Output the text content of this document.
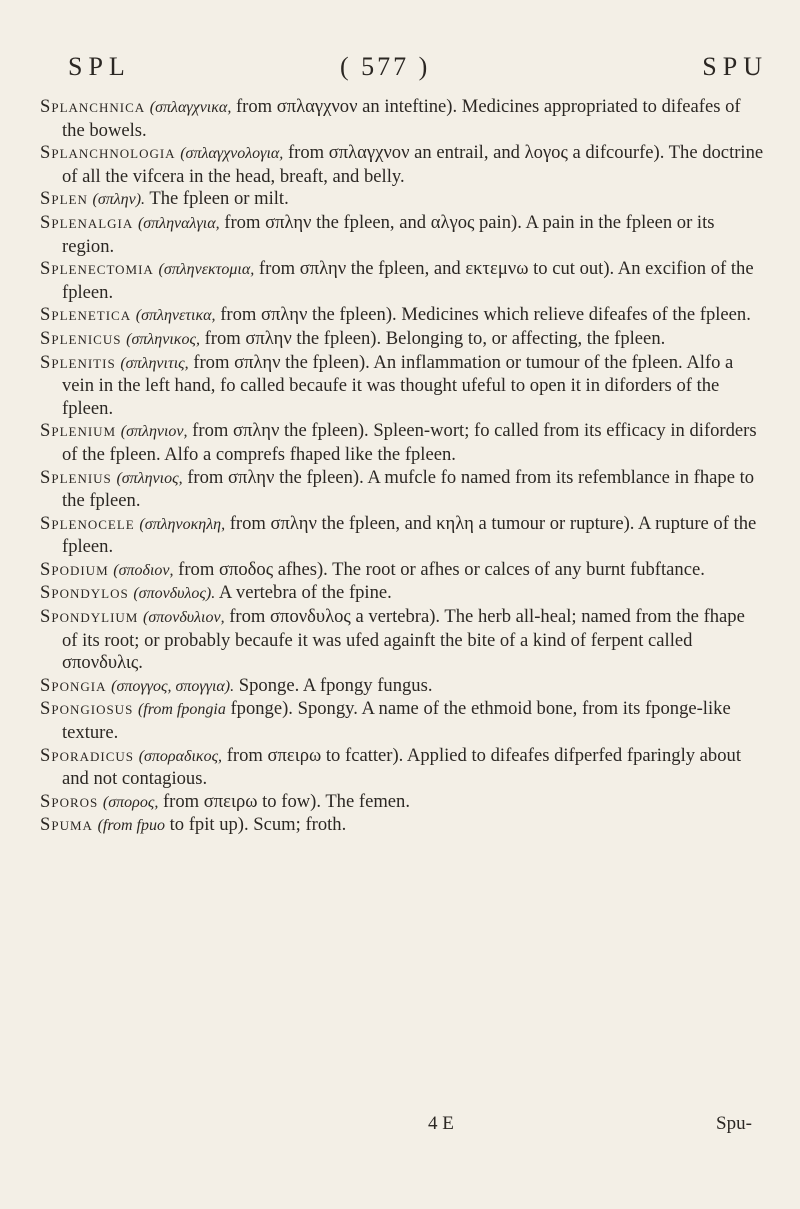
SPL	( 577 )	SPU

Splanchnica (σπλαγχνικα, from σπλαγχνον an inteftine). Medicines appropriated to difeafes of the bowels.

Splanchnologia (σπλαγχνολογια, from σπλαγχνον an entrail, and λογος a difcourfe). The doctrine of all the vifcera in the head, breaft, and belly.

Splen (σπλην). The fpleen or milt.

Splenalgia (σπληναλγια, from σπλην the fpleen, and αλγος pain). A pain in the fpleen or its region.

Splenectomia (σπληνεκτομια, from σπλην the fpleen, and εκτεμνω to cut out). An excifion of the fpleen.

Splenetica (σπληνετικα, from σπλην the fpleen). Medicines which relieve difeafes of the fpleen.

Splenicus (σπληνικος, from σπλην the fpleen). Belonging to, or affecting, the fpleen.

Splenitis (σπληνιτις, from σπλην the fpleen). An inflammation or tumour of the fpleen. Alfo a vein in the left hand, fo called becaufe it was thought ufeful to open it in diforders of the fpleen.

Splenium (σπληνιον, from σπλην the fpleen). Spleen-wort; fo called from its efficacy in diforders of the fpleen. Alfo a comprefs fhaped like the fpleen.

Splenius (σπληνιος, from σπλην the fpleen). A mufcle fo named from its refemblance in fhape to the fpleen.

Splenocele (σπληνοκηλη, from σπλην the fpleen, and κηλη a tumour or rupture). A rupture of the fpleen.

Spodium (σποδιον, from σποδος afhes). The root or afhes or calces of any burnt fubftance.

Spondylos (σπονδυλος). A vertebra of the fpine.

Spondylium (σπονδυλιον, from σπονδυλος a vertebra). The herb all-heal; named from the fhape of its root; or probably becaufe it was ufed againft the bite of a kind of ferpent called σπονδυλις.

Spongia (σπογγος, σπογγια). Sponge. A fpongy fungus.

Spongiosus (from fpongia fponge). Spongy. A name of the ethmoid bone, from its fponge-like texture.

Sporadicus (σποραδικος, from σπειρω to fcatter). Applied to difeafes difperfed fparingly about and not contagious.

Sporos (σπορος, from σπειρω to fow). The femen.

Spuma (from fpuo to fpit up). Scum; froth.

4 E	Spu-
